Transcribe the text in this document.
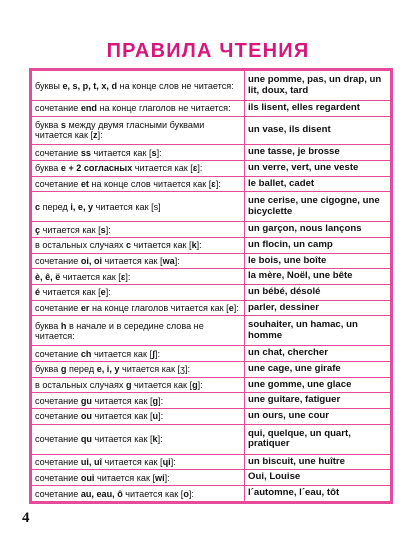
ПРАВИЛА ЧТЕНИЯ
буквы e, s, p, t, x, d на конце слов не читается:	une pomme, pas, un drap, un lit, doux, tard
сочетание end на конце глаголов не читается:	ils lisent, elles regardent
буква s между двумя гласными буквами читается как [z]:	un vase, ils disent
сочетание ss читается как [s]:	une tasse, je brosse
буква e + 2 согласных читается как [ɛ]:	un verre, vert, une veste
сочетание et на конце слов читается как [ɛ]:	le ballet, cadet
c перед i, e, y читается как [s]	une cerise, une cigogne, une bicyclette
ç читается как [s]:	un garçon, nous lançons
в остальных случаях c читается как [k]:	un flocin, un camp
сочетание oi, oi читается как [wa]:	le bois, une boîte
è, ê, ë читается как [ɛ]:	la mère, Noël, une bête
é читается как [e]:	un bébé, désolé
сочетание er на конце глаголов читается как [e]:	parler, dessiner
буква h в начале и в середине слова не читается:	souhaiter, un hamac, un homme
сочетание ch читается как [ʃ]:	un chat, chercher
буква g перед e, i, y читается как [ʒ]:	une cage, une girafe
в остальных случаях g читается как [g]:	une gomme, une glace
сочетание gu читается как [g]:	une guitare, fatiguer
сочетание ou читается как [u]:	un ours, une cour
сочетание qu читается как [k]:	qui, quelque, un quart, pratiquer
сочетание ui, uî читается как [ɥi]:	un biscuit, une huître
сочетание oui читается как [wi]:	Oui, Louise
сочетание au, eau, ô читается как [o]:	l´automne, l´eau, tôt
4
